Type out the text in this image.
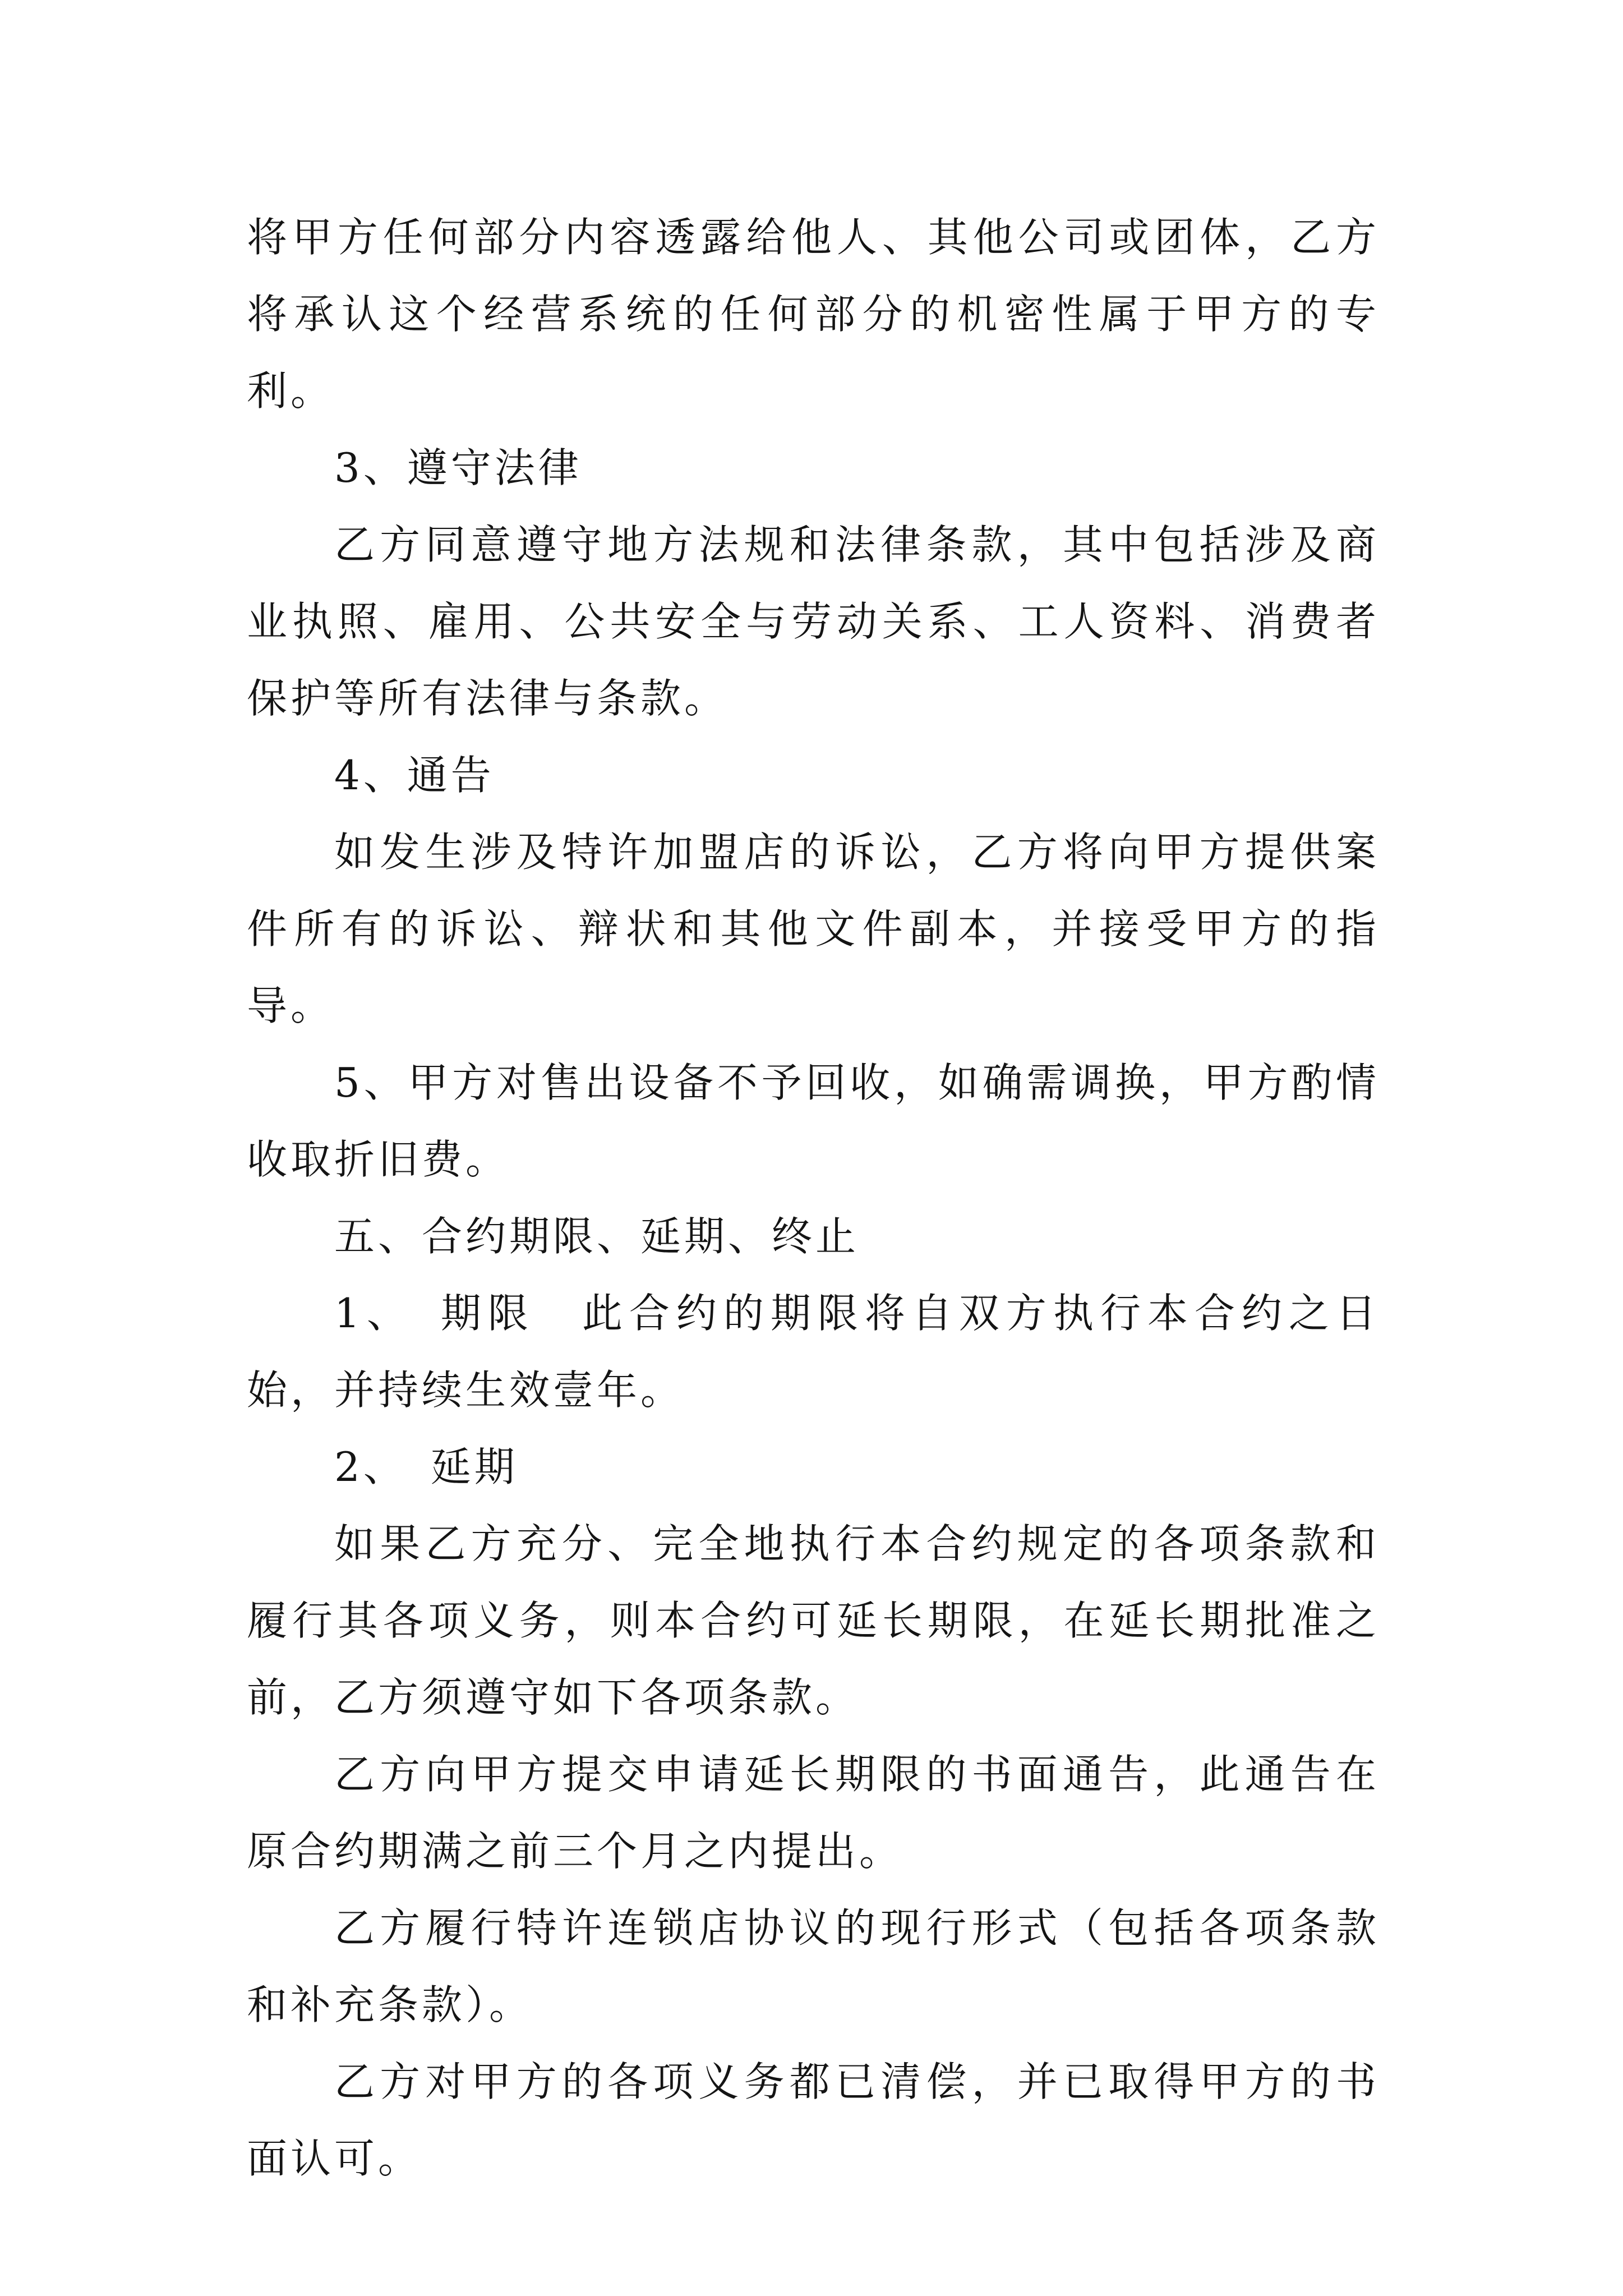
将甲方任何部分内容透露给他人、其他公司或团体，乙方将承认这个经营系统的任何部分的机密性属于甲方的专利。

3、遵守法律

乙方同意遵守地方法规和法律条款，其中包括涉及商业执照、雇用、公共安全与劳动关系、工人资料、消费者保护等所有法律与条款。

4、通告

如发生涉及特许加盟店的诉讼，乙方将向甲方提供案件所有的诉讼、辩状和其他文件副本，并接受甲方的指导。

5、甲方对售出设备不予回收，如确需调换，甲方酌情收取折旧费。

五、合约期限、延期、终止

1、　期限　此合约的期限将自双方执行本合约之日始，并持续生效壹年。

2、　延期

如果乙方充分、完全地执行本合约规定的各项条款和履行其各项义务，则本合约可延长期限，在延长期批准之前，乙方须遵守如下各项条款。

乙方向甲方提交申请延长期限的书面通告，此通告在原合约期满之前三个月之内提出。

乙方履行特许连锁店协议的现行形式（包括各项条款和补充条款）。

乙方对甲方的各项义务都已清偿，并已取得甲方的书面认可。
